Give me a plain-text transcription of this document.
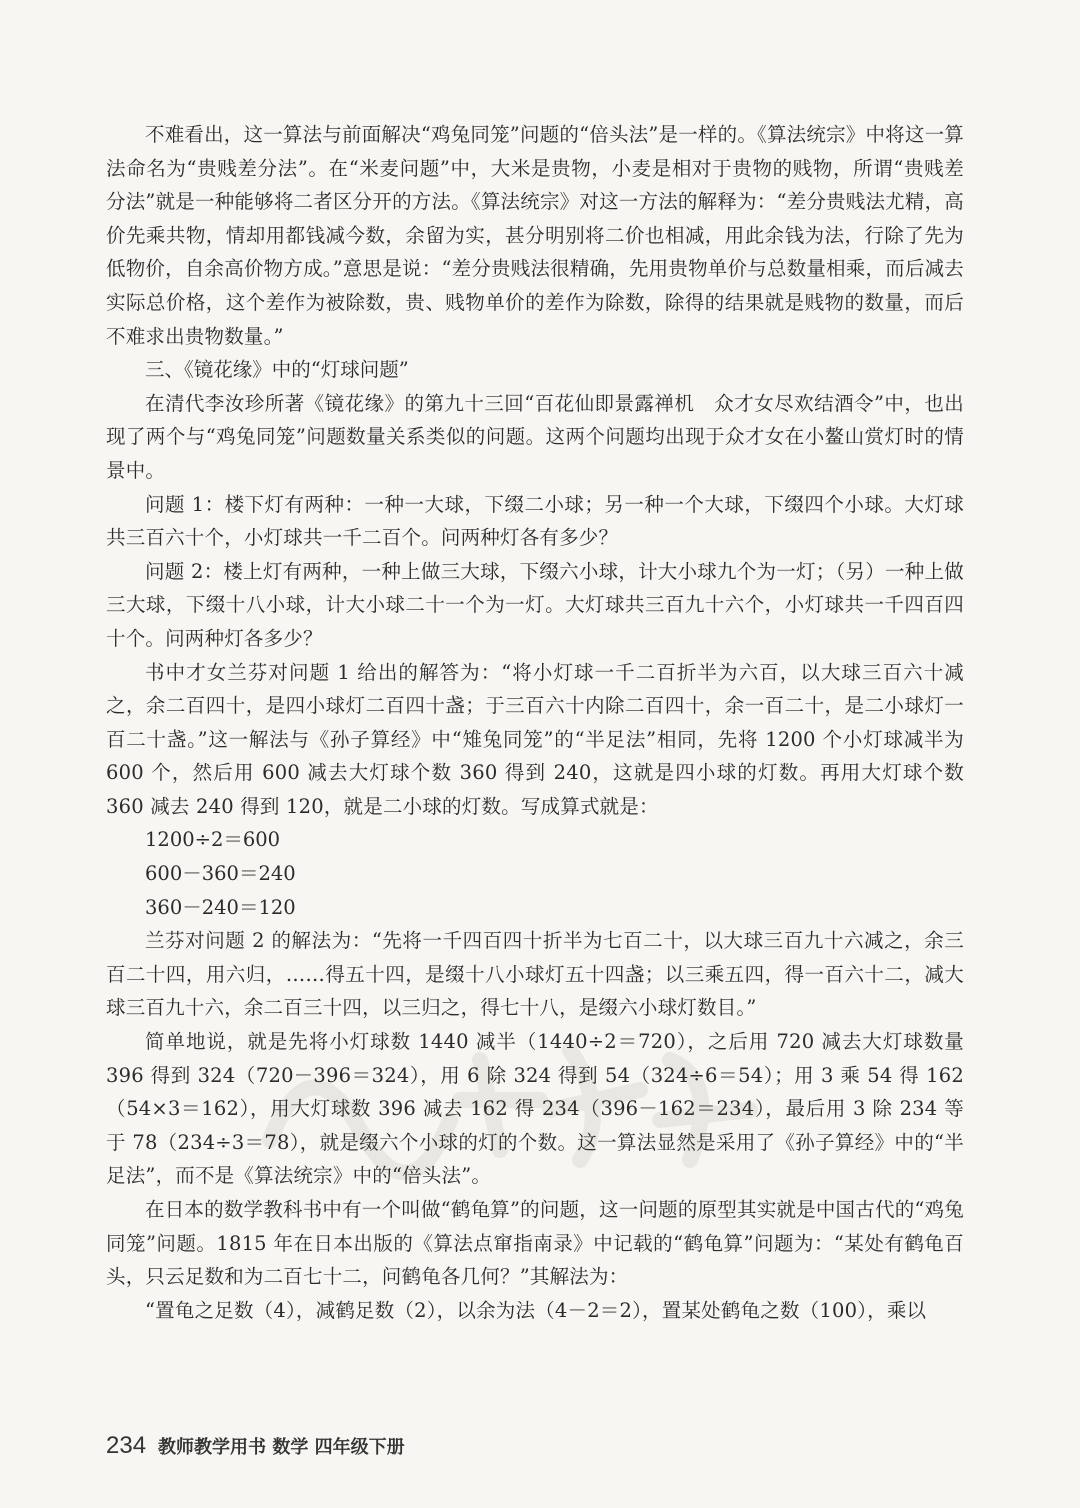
不难看出，这一算法与前面解决“鸡兔同笼”问题的“倍头法”是一样的。《算法统宗》中将这一算法命名为“贵贱差分法”。在“米麦问题”中，大米是贵物，小麦是相对于贵物的贱物，所谓“贵贱差分法”就是一种能够将二者区分开的方法。《算法统宗》对这一方法的解释为：“差分贵贱法尤精，高价先乘共物，情却用都钱减今数，余留为实，甚分明别将二价也相减，用此余钱为法，行除了先为低物价，自余高价物方成。”意思是说：“差分贵贱法很精确，先用贵物单价与总数量相乘，而后减去实际总价格，这个差作为被除数，贵、贱物单价的差作为除数，除得的结果就是贱物的数量，而后不难求出贵物数量。”

三、《镜花缘》中的“灯球问题”

在清代李汝珍所著《镜花缘》的第九十三回“百花仙即景露禅机　众才女尽欢结酒令”中，也出现了两个与“鸡兔同笼”问题数量关系类似的问题。这两个问题均出现于众才女在小鳌山赏灯时的情景中。

问题 1：楼下灯有两种：一种一大球，下缀二小球；另一种一个大球，下缀四个小球。大灯球共三百六十个，小灯球共一千二百个。问两种灯各有多少？

问题 2：楼上灯有两种，一种上做三大球，下缀六小球，计大小球九个为一灯；（另）一种上做三大球，下缀十八小球，计大小球二十一个为一灯。大灯球共三百九十六个，小灯球共一千四百四十个。问两种灯各多少？

书中才女兰芬对问题 1 给出的解答为：“将小灯球一千二百折半为六百，以大球三百六十减之，余二百四十，是四小球灯二百四十盏；于三百六十内除二百四十，余一百二十，是二小球灯一百二十盏。”这一解法与《孙子算经》中“雉兔同笼”的“半足法”相同，先将 1200 个小灯球减半为 600 个，然后用 600 减去大灯球个数 360 得到 240，这就是四小球的灯数。再用大灯球个数 360 减去 240 得到 120，就是二小球的灯数。写成算式就是：

1200÷2＝600

600－360＝240

360－240＝120

兰芬对问题 2 的解法为：“先将一千四百四十折半为七百二十，以大球三百九十六减之，余三百二十四，用六归，……得五十四，是缀十八小球灯五十四盏；以三乘五四，得一百六十二，减大球三百九十六，余二百三十四，以三归之，得七十八，是缀六小球灯数目。”

简单地说，就是先将小灯球数 1440 减半（1440÷2＝720），之后用 720 减去大灯球数量 396 得到 324（720－396＝324），用 6 除 324 得到 54（324÷6＝54）；用 3 乘 54 得 162（54×3＝162），用大灯球数 396 减去 162 得 234（396－162＝234），最后用 3 除 234 等于 78（234÷3＝78），就是缀六个小球的灯的个数。这一算法显然是采用了《孙子算经》中的“半足法”，而不是《算法统宗》中的“倍头法”。

在日本的数学教科书中有一个叫做“鹤龟算”的问题，这一问题的原型其实就是中国古代的“鸡兔同笼”问题。1815 年在日本出版的《算法点窜指南录》中记载的“鹤龟算”问题为：“某处有鹤龟百头，只云足数和为二百七十二，问鹤龟各几何？”其解法为：

“置龟之足数（4），减鹤足数（2），以余为法（4－2＝2），置某处鹤龟之数（100），乘以

234 教师教学用书 数学 四年级下册
